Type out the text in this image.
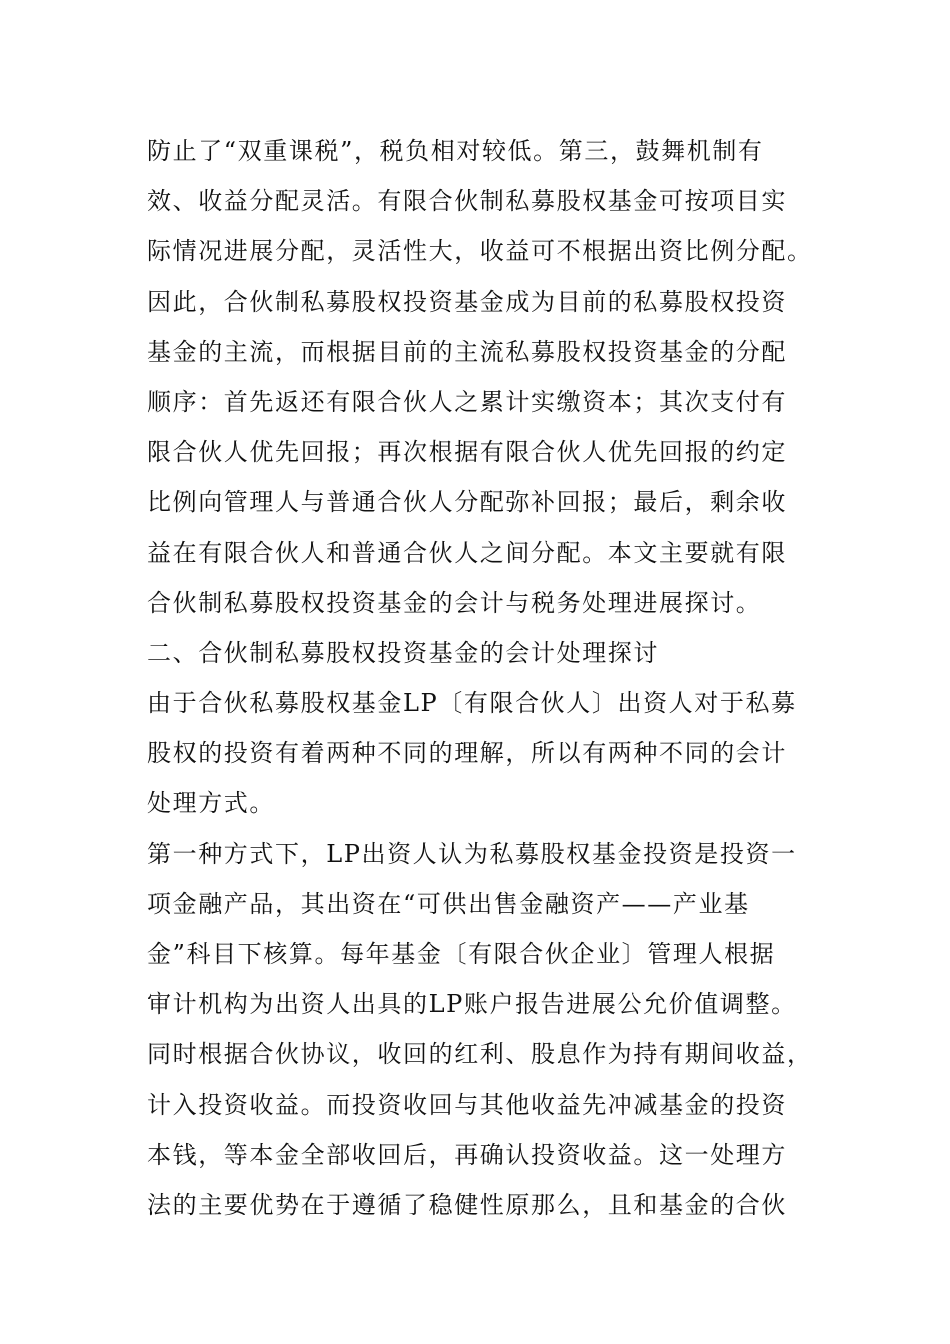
防止了“双重课税”，税负相对较低。第三，鼓舞机制有
效、收益分配灵活。有限合伙制私募股权基金可按项目实
际情况进展分配，灵活性大，收益可不根据出资比例分配。
因此，合伙制私募股权投资基金成为目前的私募股权投资
基金的主流，而根据目前的主流私募股权投资基金的分配
顺序：首先返还有限合伙人之累计实缴资本；其次支付有
限合伙人优先回报；再次根据有限合伙人优先回报的约定
比例向管理人与普通合伙人分配弥补回报；最后，剩余收
益在有限合伙人和普通合伙人之间分配。本文主要就有限
合伙制私募股权投资基金的会计与税务处理进展探讨。
二、合伙制私募股权投资基金的会计处理探讨
由于合伙私募股权基金LP〔有限合伙人〕出资人对于私募
股权的投资有着两种不同的理解，所以有两种不同的会计
处理方式。
第一种方式下，LP出资人认为私募股权基金投资是投资一
项金融产品，其出资在“可供出售金融资产——产业基
金”科目下核算。每年基金〔有限合伙企业〕管理人根据
审计机构为出资人出具的LP账户报告进展公允价值调整。
同时根据合伙协议，收回的红利、股息作为持有期间收益，
计入投资收益。而投资收回与其他收益先冲减基金的投资
本钱，等本金全部收回后，再确认投资收益。这一处理方
法的主要优势在于遵循了稳健性原那么，且和基金的合伙
